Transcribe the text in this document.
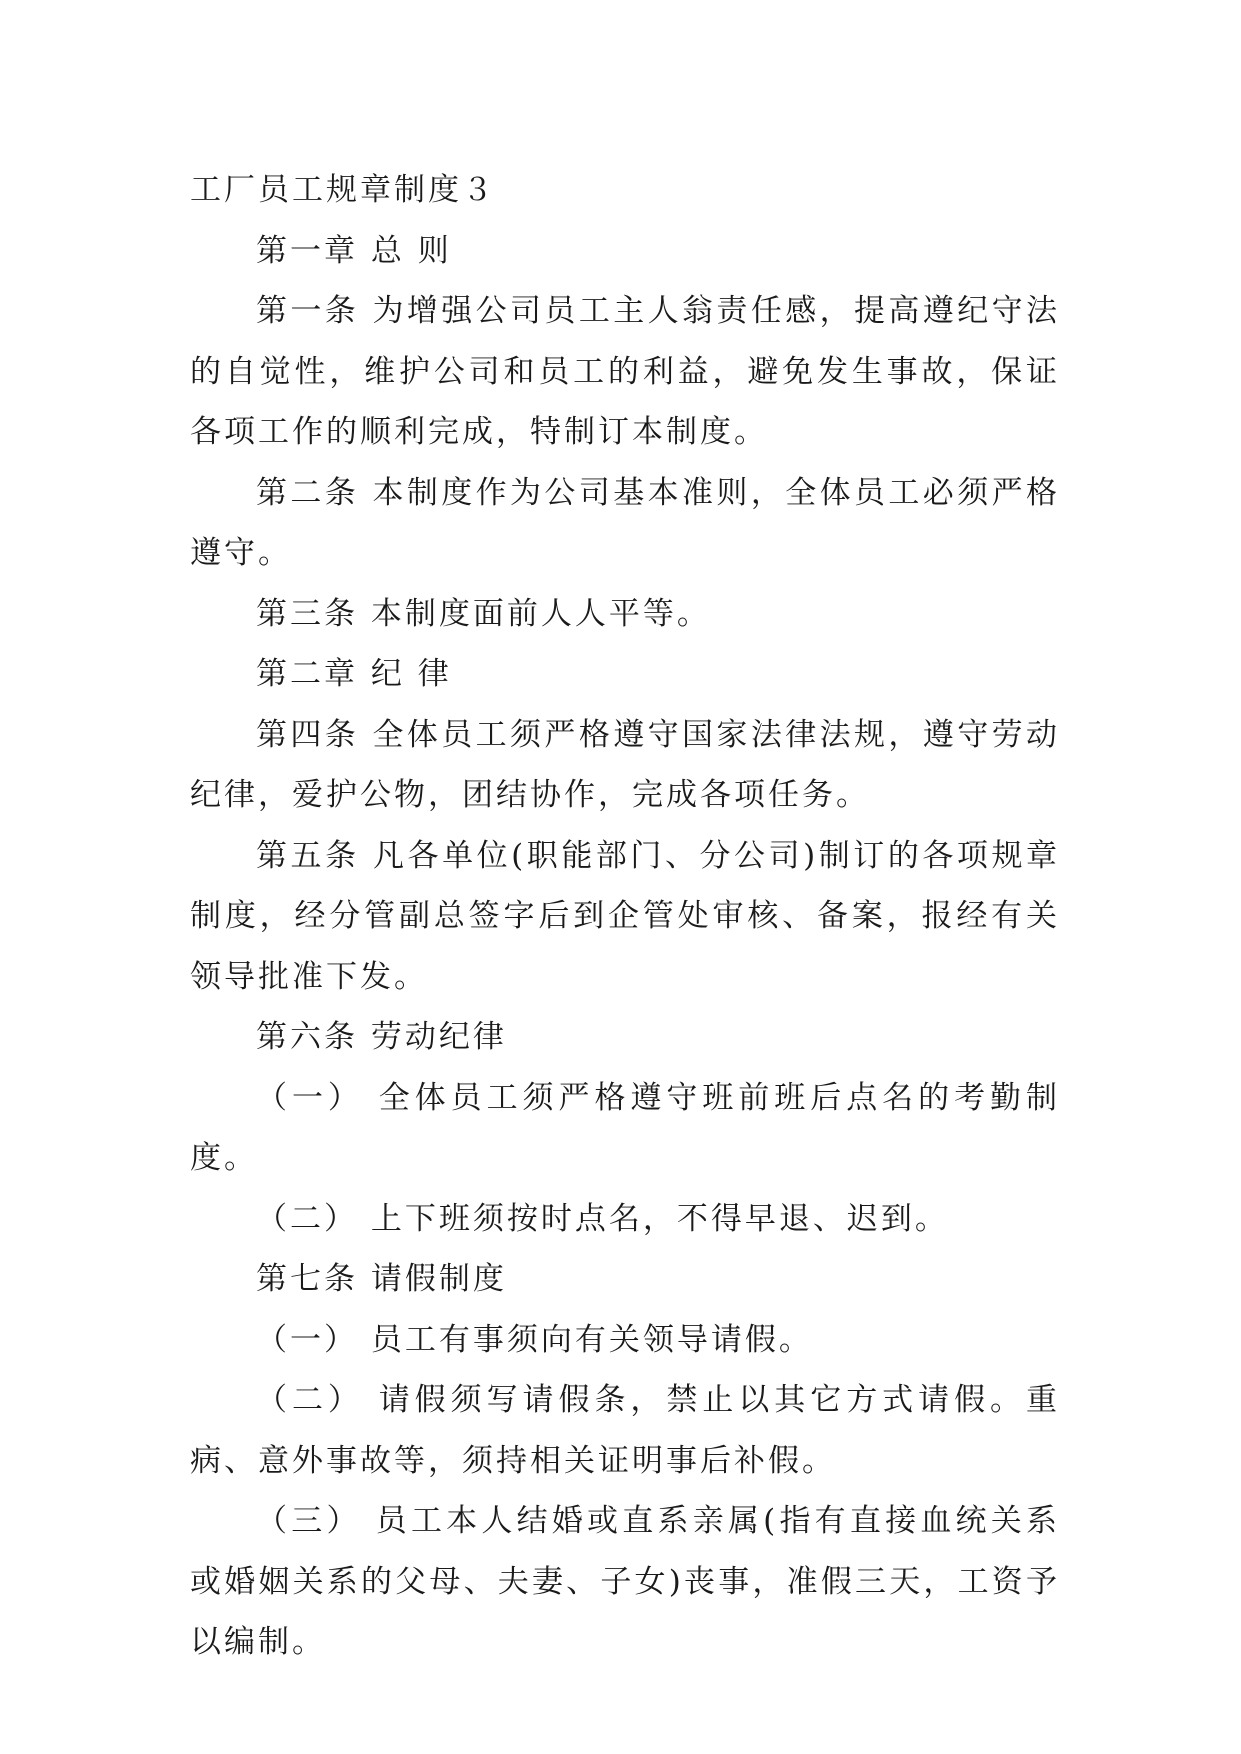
工厂员工规章制度３

第一章 总 则

第一条 为增强公司员工主人翁责任感，提高遵纪守法的自觉性，维护公司和员工的利益，避免发生事故，保证各项工作的顺利完成，特制订本制度。

第二条 本制度作为公司基本准则，全体员工必须严格遵守。

第三条 本制度面前人人平等。

第二章 纪 律

第四条 全体员工须严格遵守国家法律法规，遵守劳动纪律，爱护公物，团结协作，完成各项任务。

第五条 凡各单位(职能部门、分公司)制订的各项规章制度，经分管副总签字后到企管处审核、备案，报经有关领导批准下发。

第六条 劳动纪律

（一） 全体员工须严格遵守班前班后点名的考勤制度。

（二） 上下班须按时点名，不得早退、迟到。

第七条 请假制度

（一） 员工有事须向有关领导请假。

（二） 请假须写请假条，禁止以其它方式请假。重病、意外事故等，须持相关证明事后补假。

（三） 员工本人结婚或直系亲属(指有直接血统关系或婚姻关系的父母、夫妻、子女)丧事，准假三天，工资予以编制。
